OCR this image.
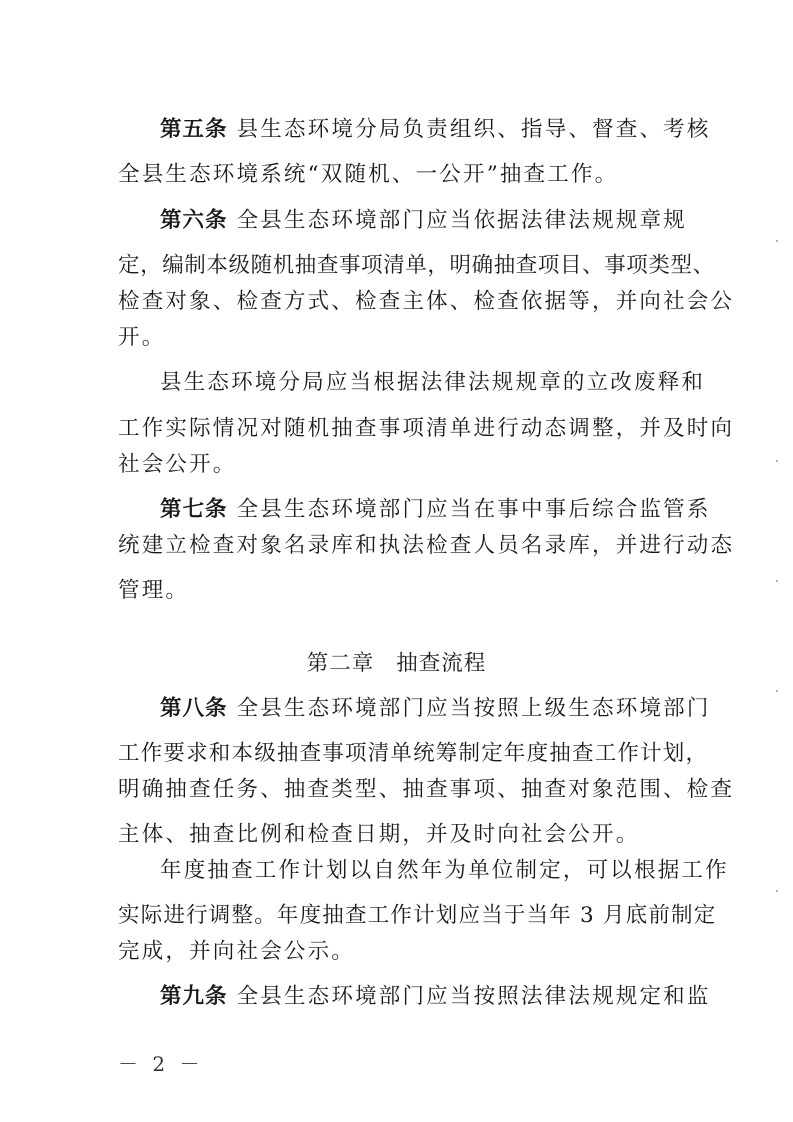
第五条 县生态环境分局负责组织、指导、督查、考核
全县生态环境系统“双随机、一公开”抽查工作。
第六条 全县生态环境部门应当依据法律法规规章规
定，编制本级随机抽查事项清单，明确抽查项目、事项类型、
检查对象、检查方式、检查主体、检查依据等，并向社会公
开。
县生态环境分局应当根据法律法规规章的立改废释和
工作实际情况对随机抽查事项清单进行动态调整，并及时向
社会公开。
第七条 全县生态环境部门应当在事中事后综合监管系
统建立检查对象名录库和执法检查人员名录库，并进行动态
管理。
第二章 抽查流程
第八条 全县生态环境部门应当按照上级生态环境部门
工作要求和本级抽查事项清单统筹制定年度抽查工作计划，
明确抽查任务、抽查类型、抽查事项、抽查对象范围、检查
主体、抽查比例和检查日期，并及时向社会公开。
年度抽查工作计划以自然年为单位制定，可以根据工作
实际进行调整。年度抽查工作计划应当于当年 3 月底前制定
完成，并向社会公示。
第九条 全县生态环境部门应当按照法律法规规定和监
－ 2 －
